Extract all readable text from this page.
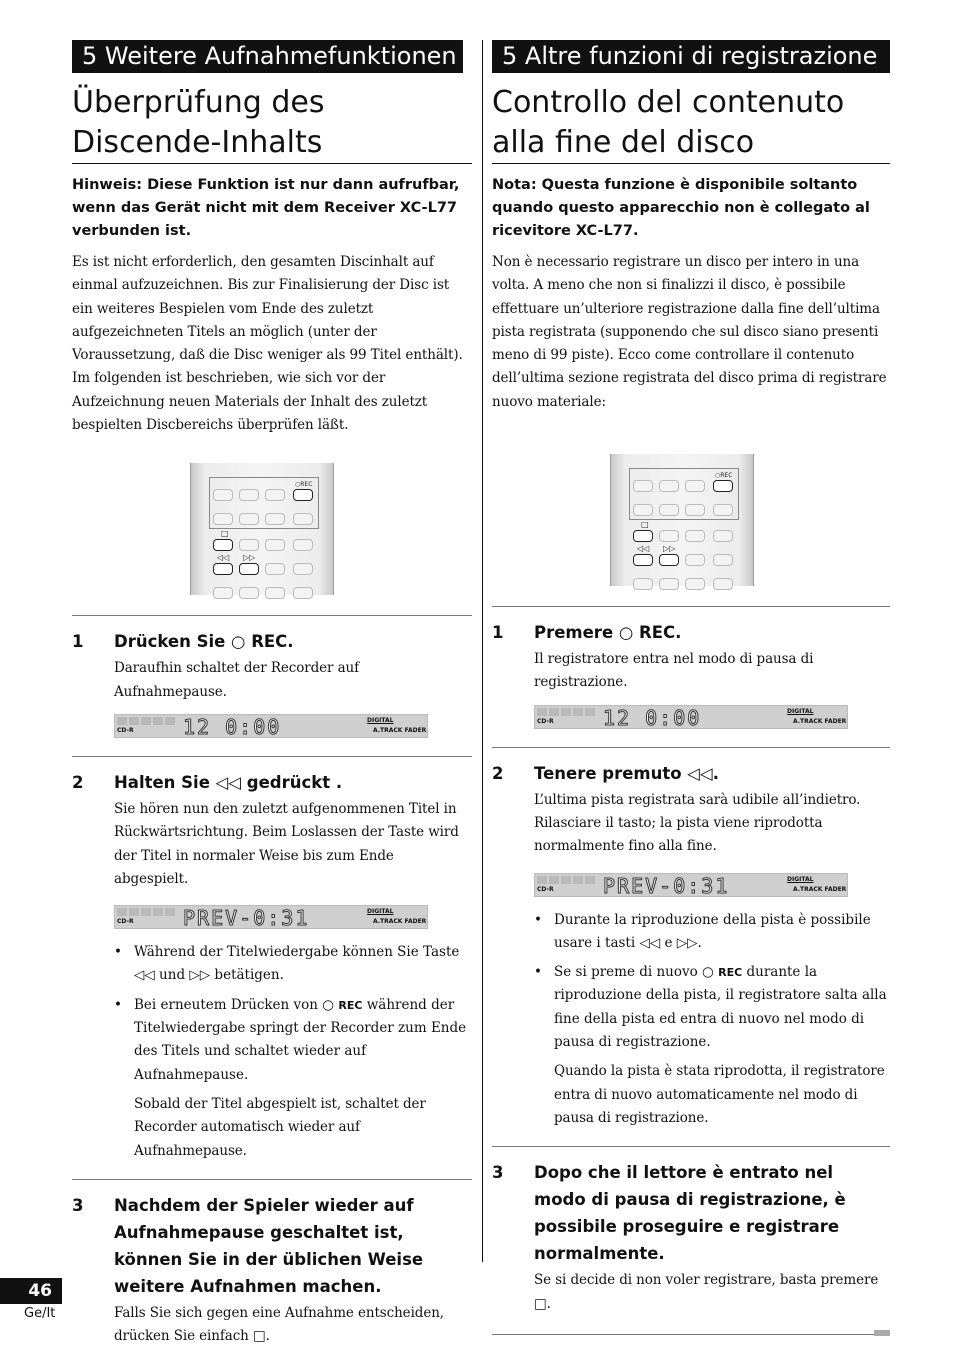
5 Weitere Aufnahmefunktionen
Überprüfung des Discende-Inhalts

Hinweis: Diese Funktion ist nur dann aufrufbar, wenn das Gerät nicht mit dem Receiver XC-L77 verbunden ist.

Es ist nicht erforderlich, den gesamten Discinhalt auf einmal aufzuzeichnen. Bis zur Finalisierung der Disc ist ein weiteres Bespielen vom Ende des zuletzt aufgezeichneten Titels an möglich (unter der Voraussetzung, daß die Disc weniger als 99 Titel enthält). Im folgenden ist beschrieben, wie sich vor der Aufzeichnung neuen Materials der Inhalt des zuletzt bespielten Discbereichs überprüfen läßt.

○REC
□
◁◁ ▷▷
1	Drücken Sie ○ REC.

Daraufhin schaltet der Recorder auf Aufnahmepause.

CD-R 12 0:00	DIGITAL
A.TRACK FADER
2	Halten Sie ◁◁ gedrückt .

Sie hören nun den zuletzt aufgenommenen Titel in Rückwärtsrichtung. Beim Loslassen der Taste wird der Titel in normaler Weise bis zum Ende abgespielt.

CD-R PREV-0:31	DIGITAL
A.TRACK FADER
• Während der Titelwiedergabe können Sie Taste ◁◁ und ▷▷ betätigen.
• Bei erneutem Drücken von ○ REC während der Titelwiedergabe springt der Recorder zum Ende des Titels und schaltet wieder auf Aufnahmepause.

Sobald der Titel abgespielt ist, schaltet der Recorder automatisch wieder auf Aufnahmepause.

3	Nachdem der Spieler wieder auf Aufnahmepause geschaltet ist, können Sie in der üblichen Weise weitere Aufnahmen machen.

Falls Sie sich gegen eine Aufnahme entscheiden, drücken Sie einfach □.

5 Altre funzioni di registrazione
Controllo del contenuto alla fine del disco

Nota: Questa funzione è disponibile soltanto quando questo apparecchio non è collegato al ricevitore XC-L77.

Non è necessario registrare un disco per intero in una volta. A meno che non si finalizzi il disco, è possibile effettuare un’ulteriore registrazione dalla fine dell’ultima pista registrata (supponendo che sul disco siano presenti meno di 99 piste). Ecco come controllare il contenuto dell’ultima sezione registrata del disco prima di registrare nuovo materiale:

○REC
□
◁◁ ▷▷
1	Premere ○ REC.

Il registratore entra nel modo di pausa di registrazione.

CD-R 12 0:00	DIGITAL
A.TRACK FADER
2	Tenere premuto ◁◁.

L’ultima pista registrata sarà udibile all’indietro. Rilasciare il tasto; la pista viene riprodotta normalmente fino alla fine.

CD-R PREV-0:31	DIGITAL
A.TRACK FADER
• Durante la riproduzione della pista è possibile usare i tasti ◁◁ e ▷▷.
• Se si preme di nuovo ○ REC durante la riproduzione della pista, il registratore salta alla fine della pista ed entra di nuovo nel modo di pausa di registrazione.

Quando la pista è stata riprodotta, il registratore entra di nuovo automaticamente nel modo di pausa di registrazione.

3	Dopo che il lettore è entrato nel modo di pausa di registrazione, è possibile proseguire e registrare normalmente.

Se si decide di non voler registrare, basta premere □.

46
Ge/It
